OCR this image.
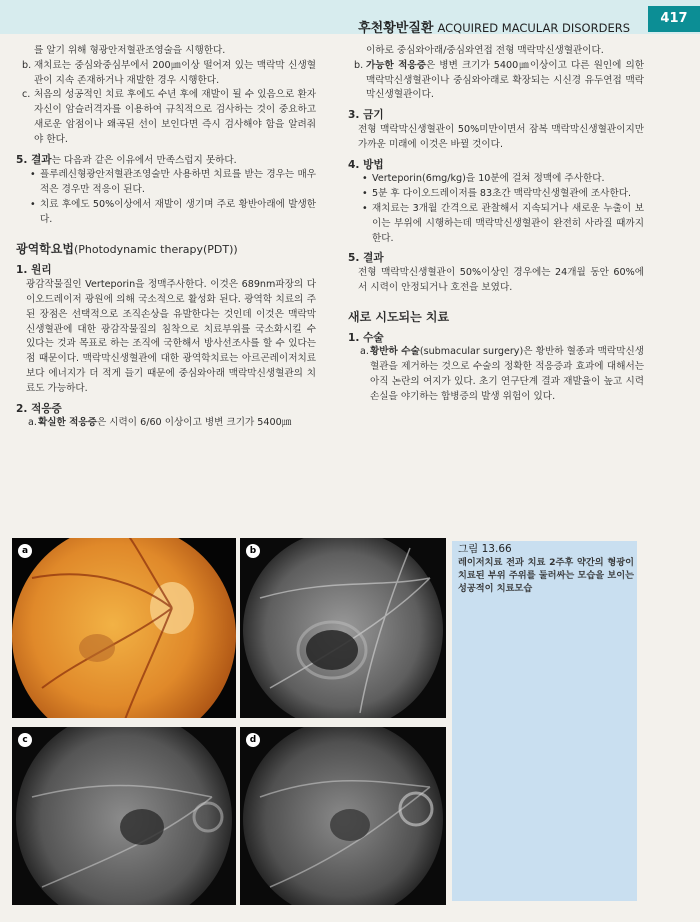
후천황반질환 ACQUIRED MACULAR DISORDERS
417

를 알기 위해 형광안저혈관조영술을 시행한다.

b. 재치료는 중심와중심부에서 200㎛이상 떨어져 있는 맥락막 신생혈관이 지속 존재하거나 재발한 경우 시행한다.

c. 처음의 성공적인 치료 후에도 수년 후에 재발이 될 수 있음으로 환자자신이 암슬러격자를 이용하여 규칙적으로 검사하는 것이 중요하고 새로운 암점이나 왜곡된 선이 보인다면 즉시 검사해야 함을 알려줘야 한다.

5. 결과는 다음과 같은 이유에서 만족스럽지 못하다.
• 플루레신형광안저혈관조영술만 사용하면 치료를 받는 경우는 매우 적은 경우만 적응이 된다.

• 치료 후에도 50%이상에서 재발이 생기며 주로 황반아래에 발생한다.

광역학요법(Photodynamic therapy(PDT))
1. 원리

광감작물질인 Verteporin을 정맥주사한다. 이것은 689nm파장의 다이오드레이저 광원에 의해 국소적으로 활성화 된다. 광역학 치료의 주된 장점은 선택적으로 조직손상을 유발한다는 것인데 이것은 맥락막신생혈관에 대한 광감작물질의 침착으로 치료부위를 국소화시킬 수 있다는 것과 목표로 하는 조직에 국한해서 방사선조사를 할 수 있다는 점 때문이다. 맥락막신생혈관에 대한 광역학치료는 아르곤레이저치료보다 에너지가 더 적게 들기 때문에 중심와아래 맥락막신생혈관의 치료도 가능하다.

2. 적응증
a. 확실한 적응증은 시력이 6/60 이상이고 병변 크기가 5400㎛

이하로 중심와아래/중심와연접 전형 맥락막신생혈관이다.

b. 가능한 적응증은 병변 크기가 5400㎛이상이고 다른 원인에 의한 맥락막신생혈관이나 중심와아래로 확장되는 시신경 유두연접 맥락막신생혈관이다.

3. 금기

전형 맥락막신생혈관이 50%미만이면서 잠복 맥락막신생혈관이지만 가까운 미래에 이것은 바뀔 것이다.

4. 방법
• Verteporin(6mg/kg)을 10분에 걸쳐 정맥에 주사한다.

• 5분 후 다이오드레이저를 83초간 맥락막신생혈관에 조사한다.

• 재치료는 3개월 간격으로 관찰해서 지속되거나 새로운 누출이 보이는 부위에 시행하는데 맥락막신생혈관이 완전히 사라질 때까지 한다.

5. 결과

전형 맥락막신생혈관이 50%이상인 경우에는 24개월 동안 60%에서 시력이 안정되거나 호전을 보였다.

새로 시도되는 치료
1. 수술
a. 황반하 수술(submacular surgery)은 황반하 혈종과 맥락막신생혈관을 제거하는 것으로 수술의 정확한 적응증과 효과에 대해서는 아직 논란의 여지가 있다. 초기 연구단계 결과 재발율이 높고 시력손실을 야기하는 합병증의 발생 위험이 있다.

그림 13.66
레이저치료 전과 치료 2주후 약간의 형광이 치료된 부위 주위를 둘러싸는 모습을 보이는 성공적이 치료모습
a	b
c	d
